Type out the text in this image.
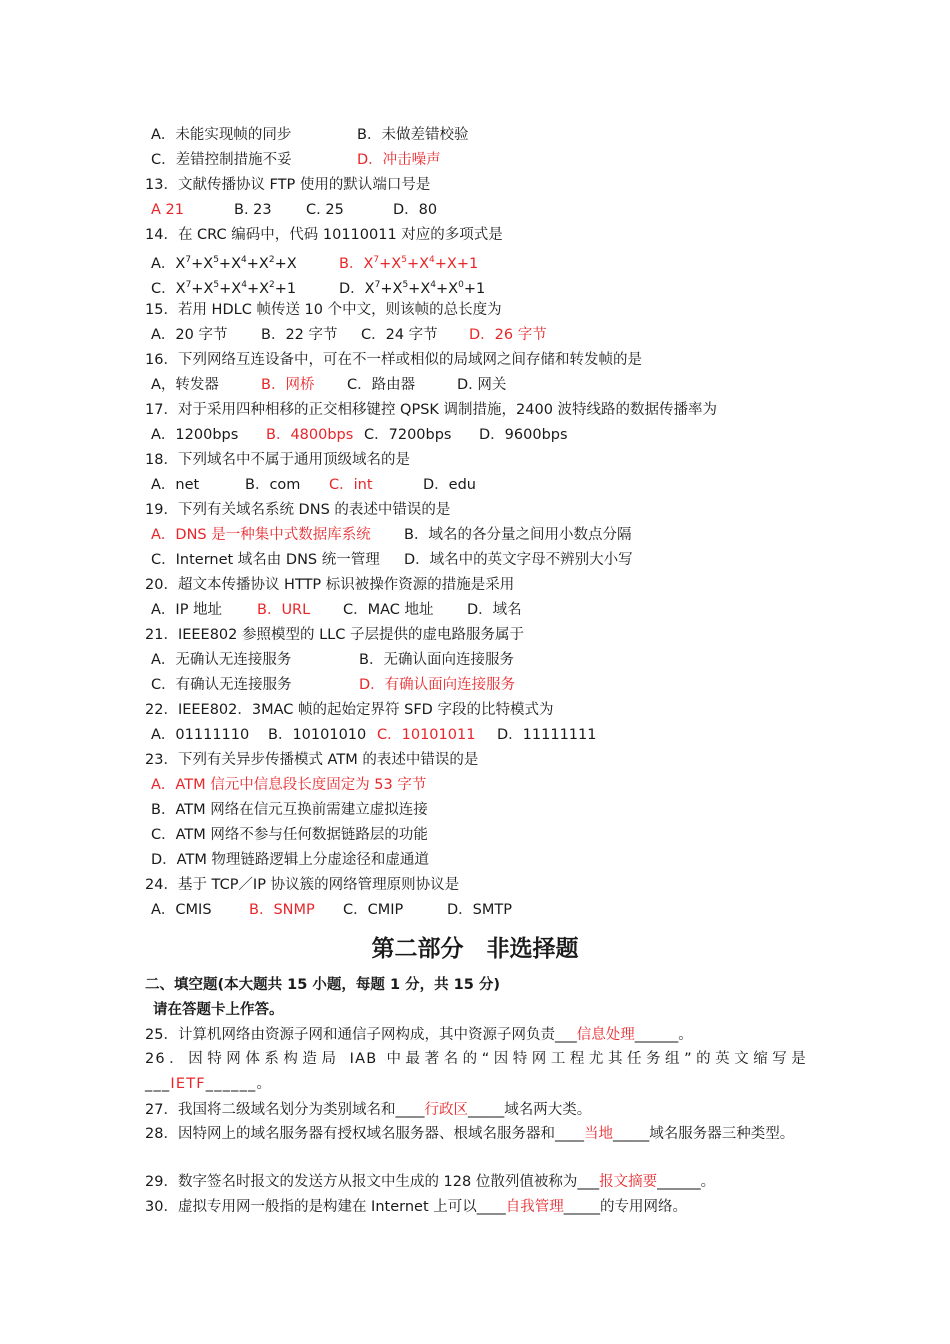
A．未能实现帧的同步	B．未做差错校验
C．差错控制措施不妥	D．冲击噪声
13．文献传播协议 FTP 使用的默认端口号是
A 21	B. 23 C. 25	D．80
14．在 CRC 编码中，代码 10110011 对应的多项式是
A．$X^7+X^5+X^4+X^2+X$	B．$X^7+X^5+X^4+X+1$
C．$X^7+X^5+X^4+X^2+1$	D．$X^7+X^5+X^4+X^0+1$
15．若用 HDLC 帧传送 10 个中文，则该帧的总长度为
A．20 字节 B．22 字节 C．24 字节 D．26 字节
16．下列网络互连设备中，可在不一样或相似的局域网之间存储和转发帧的是
A，转发器	B．网桥 C．路由器	D. 网关
17．对于采用四种相移的正交相移键控 QPSK 调制措施，2400 波特线路的数据传播率为
A．1200bps B．4800bps C．7200bps D．9600bps
18．下列域名中不属于通用顶级域名的是
A．net	B．com C．int	D．edu
19．下列有关域名系统 DNS 的表述中错误的是
A．DNS 是一种集中式数据库系统 B．域名的各分量之间用小数点分隔
C．Internet 域名由 DNS 统一管理 D．域名中的英文字母不辨别大小写
20．超文本传播协议 HTTP 标识被操作资源的措施是采用
A．IP 地址 B．URL C．MAC 地址 D．域名
21．IEEE802 参照模型的 LLC 子层提供的虚电路服务属于
A．无确认无连接服务	B．无确认面向连接服务
C．有确认无连接服务	D．有确认面向连接服务
22．IEEE802．3MAC 帧的起始定界符 SFD 字段的比特模式为
A．01111110 B．10101010 C．10101011 D．11111111
23．下列有关异步传播模式 ATM 的表述中错误的是
A．ATM 信元中信息段长度固定为 53 字节
B．ATM 网络在信元互换前需建立虚拟连接
C．ATM 网络不参与任何数据链路层的功能
D．ATM 物理链路逻辑上分虚途径和虚通道
24．基于 TCP／IP 协议簇的网络管理原则协议是
A．CMIS	B．SNMP C．CMIP	D．SMTP
第二部分　非选择题
二、填空题(本大题共 15 小题，每题 1 分，共 15 分)
请在答题卡上作答。
25．计算机网络由资源子网和通信子网构成，其中资源子网负责___信息处理______。
26．因特网体系构造局 IAB 中最著名的“因特网工程尤其任务组”的英文缩写是___IETF______。
27．我国将二级域名划分为类别域名和____行政区_____域名两大类。
28．因特网上的域名服务器有授权域名服务器、根域名服务器和____当地_____域名服务器三种类型。
29．数字签名时报文的发送方从报文中生成的 128 位散列值被称为___报文摘要______。
30．虚拟专用网一般指的是构建在 Internet 上可以____自我管理_____的专用网络。
